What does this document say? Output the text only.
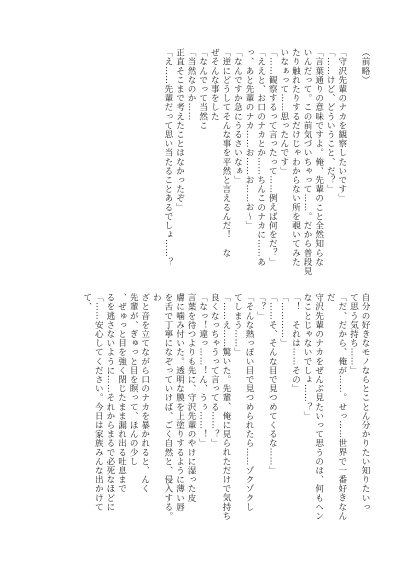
（前略）

「守沢先輩のナカを観察したいです」
「……けど、どういうこと、だ？」
「言葉通りの意味ですよ。俺、先輩のこと全然知らな
いんだって。この前気づいちゃって……。だから普段見
たり触れたりするだけじゃわからない所を覗いてみた
いなぁって……思ったんです」
「……観察するって言ったって……例えば何をだ？」
「ええと、お口のナカとか……ちんこのナカに……あ
っ、あと先輩のナカ……お……お……お～」
「なんですか急にうるさいなぁ」
「逆にどうしてそんな事を平然と言えるんだ！　な
ぜそんな事をした
「なんでって当然こ
「当然なのか……
正直そこまで考えたことはなかったぞ」
「え……先輩だって思い当たることあるでしょ……？
自分の好きなモノならとことん分かりたい知りたいっ
て思う気持ち……」
「だ、だから、俺が……。せっ……世界で一番好きなんだ
守沢先輩のナカをぜんぶ見たいって思うのは、何もヘン
なことじゃないでしょ……？」
「！　それは……その」
「…………」
「……そ、そんな目で見つめてくるな……」
「？」
「そんな熱っぽい目で見つめられたら……ゾクゾクし
てしまう……」
「……え……驚いた。先輩、俺に見られただけで気持ち
良くなっちゃうって言ってる……？」
「なっ！違っ……！ん、うぅ……！」
言葉を待つよりも先に、守沢先輩のやけに湿った皮
膚に噛み付いた。透明な膜を上塗りするように薄い唇
を舌で丁寧になぞっていけば、ごく自然と、侵入する。わ
ざと音を立てながら口のナカを暴かれると、んく
先輩が、ぎゅっと目を瞑って、ほんの少し
、ぜゅっと目を強く閉じたまま漏れ出る吐息まで
るを逃さないように……それからまるで必死なほどに
「……安心してください。今日は家族みんな出かけてて、
